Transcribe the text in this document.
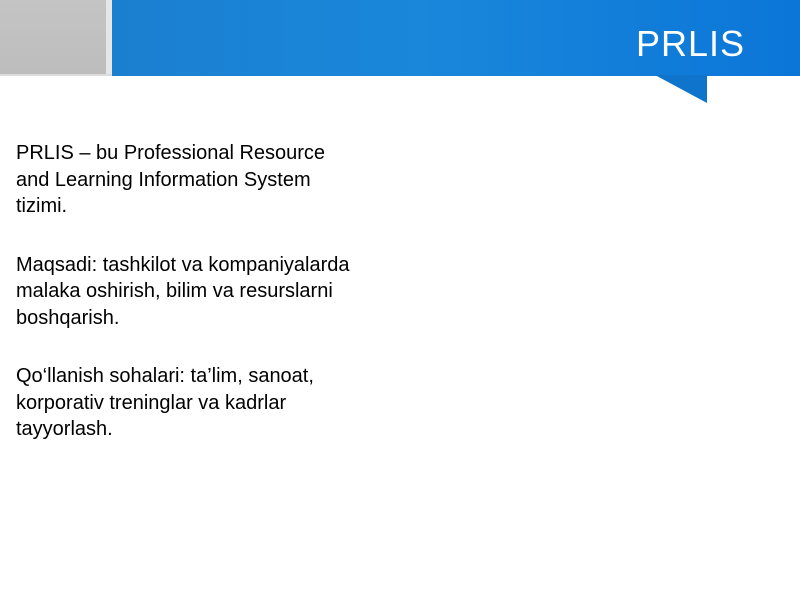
PRLIS

PRLIS – bu Professional Resource
and Learning Information System
tizimi.

Maqsadi: tashkilot va kompaniyalarda
malaka oshirish, bilim va resurslarni
boshqarish.

Qo‘llanish sohalari: ta’lim, sanoat,
korporativ treninglar va kadrlar
tayyorlash.
